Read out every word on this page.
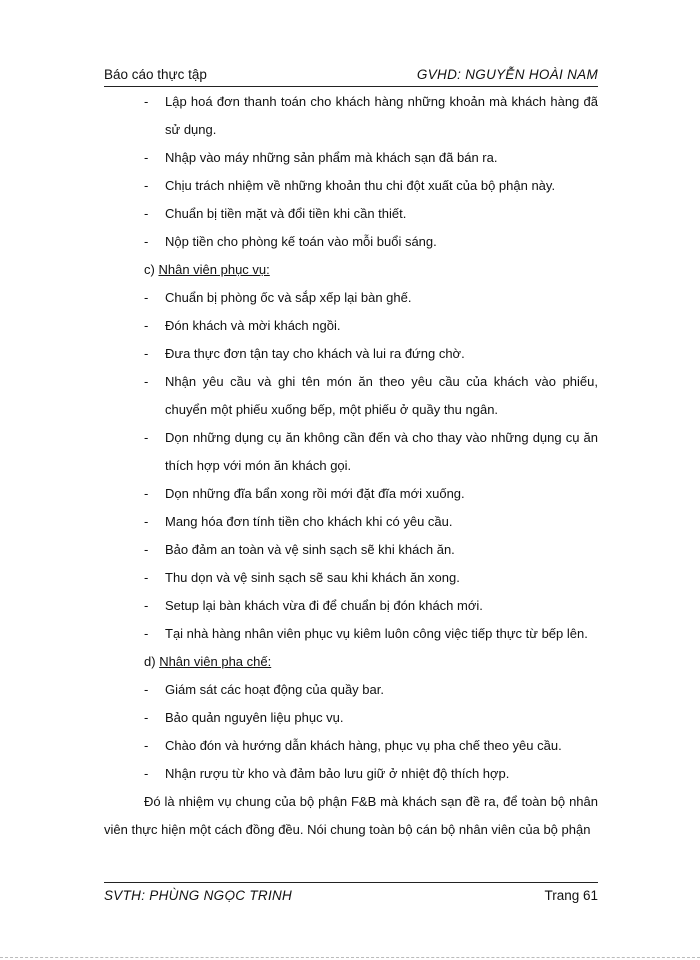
Báo cáo thực tập	GVHD: NGUYỄN HOÀI NAM
- Lập hoá đơn thanh toán cho khách hàng những khoản mà khách hàng đã sử dụng.
- Nhập vào máy những sản phẩm mà khách sạn đã bán ra.
- Chịu trách nhiệm về những khoản thu chi đột xuất của bộ phận này.
- Chuẩn bị tiền mặt và đổi tiền khi cần thiết.
- Nộp tiền cho phòng kế toán vào mỗi buổi sáng.
c) Nhân viên phục vụ:
- Chuẩn bị phòng ốc và sắp xếp lại bàn ghế.
- Đón khách và mời khách ngồi.
- Đưa thực đơn tận tay cho khách và lui ra đứng chờ.
- Nhận yêu cầu và ghi tên món ăn theo yêu cầu của khách vào phiếu, chuyển một phiếu xuống bếp, một phiếu ở quầy thu ngân.
- Dọn những dụng cụ ăn không cần đến và cho thay vào những dụng cụ ăn thích hợp với món ăn khách gọi.
- Dọn những đĩa bẩn xong rồi mới đặt đĩa mới xuống.
- Mang hóa đơn tính tiền cho khách khi có yêu cầu.
- Bảo đảm an toàn và vệ sinh sạch sẽ khi khách ăn.
- Thu dọn và vệ sinh sạch sẽ sau khi khách ăn xong.
- Setup lại bàn khách vừa đi để chuẩn bị đón khách mới.
- Tại nhà hàng nhân viên phục vụ kiêm luôn công việc tiếp thực từ bếp lên.
d) Nhân viên pha chế:
- Giám sát các hoạt động của quầy bar.
- Bảo quản nguyên liệu phục vụ.
- Chào đón và hướng dẫn khách hàng, phục vụ pha chế theo yêu cầu.
- Nhận rượu từ kho và đảm bảo lưu giữ ở nhiệt độ thích hợp.
Đó là nhiệm vụ chung của bộ phận F&B mà khách sạn đề ra, để toàn bộ nhân viên thực hiện một cách đồng đều. Nói chung toàn bộ cán bộ nhân viên của bộ phận
SVTH: PHÙNG NGỌC TRINH	Trang 61
